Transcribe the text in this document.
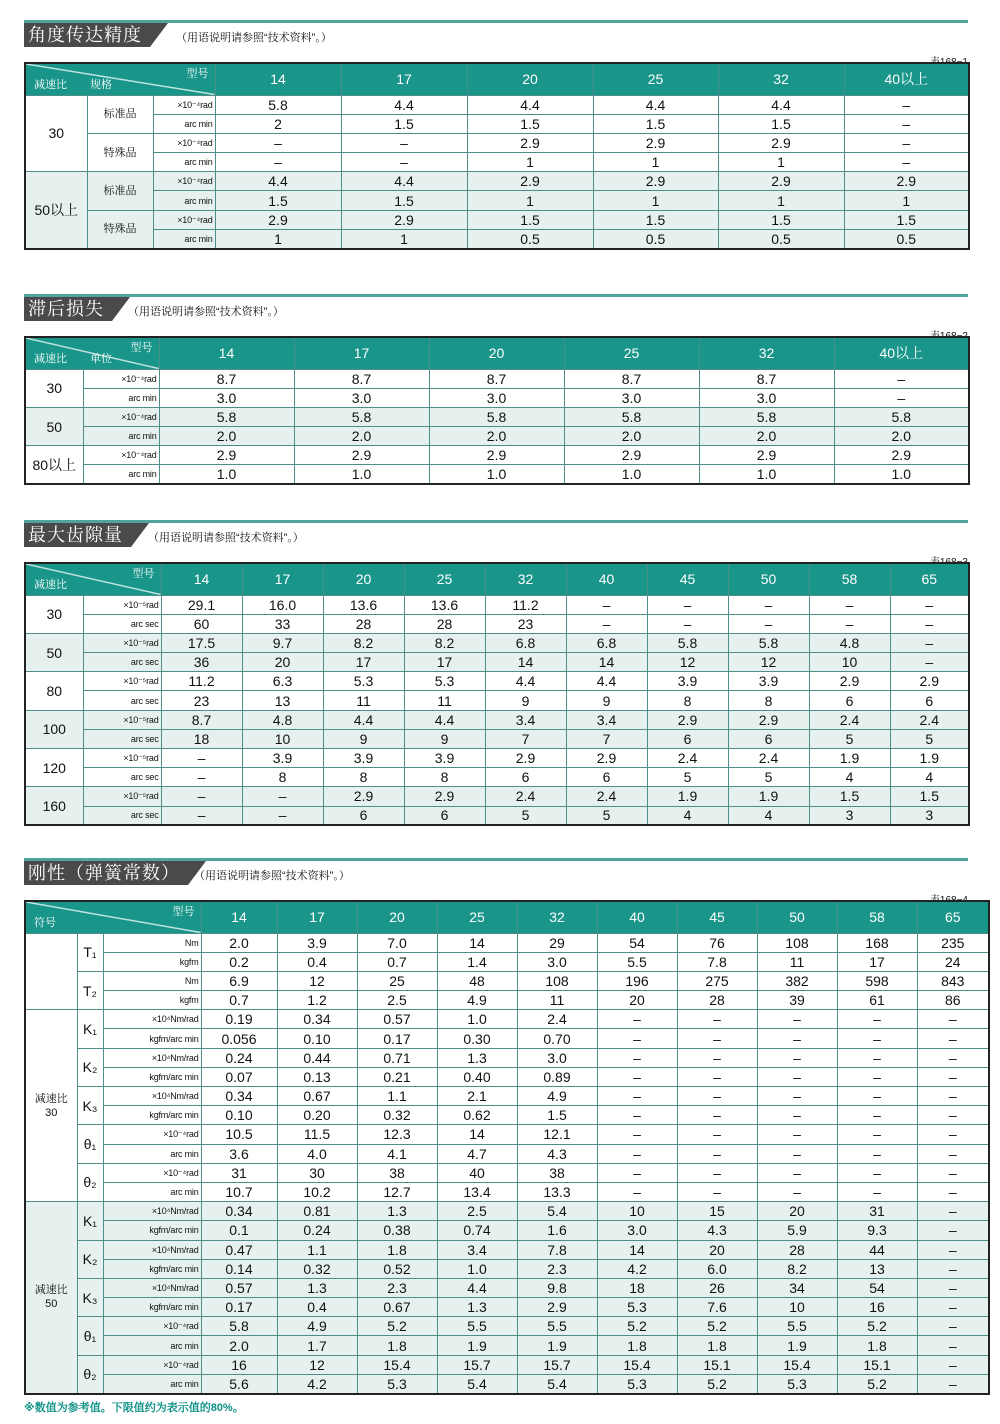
角度传达精度	（用语说明请参照“技术资料”。）
型号
减速比 规格			14	17	20	25	32	40以上
30	标准品	×10⁻⁴rad	5.8	4.4	4.4	4.4	4.4	–
		arc min	2	1.5	1.5	1.5	1.5	–
	特殊品	×10⁻⁴rad	–	–	2.9	2.9	2.9	–
		arc min	–	–	1	1	1	–
50以上	标准品	×10⁻⁴rad	4.4	4.4	2.9	2.9	2.9	2.9
		arc min	1.5	1.5	1	1	1	1
	特殊品	×10⁻⁴rad	2.9	2.9	1.5	1.5	1.5	1.5
		arc min	1	1	0.5	0.5	0.5	0.5
滞后损失	（用语说明请参照“技术资料”。）
型号
减速比 单位		14	17	20	25	32	40以上
30	×10⁻⁴rad	8.7	8.7	8.7	8.7	8.7	–
	arc min	3.0	3.0	3.0	3.0	3.0	–
50	×10⁻⁴rad	5.8	5.8	5.8	5.8	5.8	5.8
	arc min	2.0	2.0	2.0	2.0	2.0	2.0
80以上	×10⁻⁴rad	2.9	2.9	2.9	2.9	2.9	2.9
	arc min	1.0	1.0	1.0	1.0	1.0	1.0
最大齿隙量	（用语说明请参照“技术资料”。）
型号
减速比		14	17	20	25	32	40	45	50	58	65
30	×10⁻⁵rad	29.1	16.0	13.6	13.6	11.2	–	–	–	–	–
	arc sec	60	33	28	28	23	–	–	–	–	–
50	×10⁻⁵rad	17.5	9.7	8.2	8.2	6.8	6.8	5.8	5.8	4.8	–
	arc sec	36	20	17	17	14	14	12	12	10	–
80	×10⁻⁵rad	11.2	6.3	5.3	5.3	4.4	4.4	3.9	3.9	2.9	2.9
	arc sec	23	13	11	11	9	9	8	8	6	6
100	×10⁻⁵rad	8.7	4.8	4.4	4.4	3.4	3.4	2.9	2.9	2.4	2.4
	arc sec	18	10	9	9	7	7	6	6	5	5
120	×10⁻⁵rad	–	3.9	3.9	3.9	2.9	2.9	2.4	2.4	1.9	1.9
	arc sec	–	8	8	8	6	6	5	5	4	4
160	×10⁻⁵rad	–	–	2.9	2.9	2.4	2.4	1.9	1.9	1.5	1.5
	arc sec	–	–	6	6	5	5	4	4	3	3
刚性（弹簧常数）	（用语说明请参照“技术资料”。）
型号
符号			14	17	20	25	32	40	45	50	58	65
	T₁	Nm	2.0	3.9	7.0	14	29	54	76	108	168	235
		kgfm	0.2	0.4	0.7	1.4	3.0	5.5	7.8	11	17	24
	T₂	Nm	6.9	12	25	48	108	196	275	382	598	843
		kgfm	0.7	1.2	2.5	4.9	11	20	28	39	61	86
减速比
30	K₁	×10⁴Nm/rad	0.19	0.34	0.57	1.0	2.4	–	–	–	–	–
		kgfm/arc min	0.056	0.10	0.17	0.30	0.70	–	–	–	–	–
	K₂	×10⁴Nm/rad	0.24	0.44	0.71	1.3	3.0	–	–	–	–	–
		kgfm/arc min	0.07	0.13	0.21	0.40	0.89	–	–	–	–	–
	K₃	×10⁴Nm/rad	0.34	0.67	1.1	2.1	4.9	–	–	–	–	–
		kgfm/arc min	0.10	0.20	0.32	0.62	1.5	–	–	–	–	–
	θ₁	×10⁻⁴rad	10.5	11.5	12.3	14	12.1	–	–	–	–	–
		arc min	3.6	4.0	4.1	4.7	4.3	–	–	–	–	–
	θ₂	×10⁻⁴rad	31	30	38	40	38	–	–	–	–	–
		arc min	10.7	10.2	12.7	13.4	13.3	–	–	–	–	–
减速比
50	K₁	×10⁴Nm/rad	0.34	0.81	1.3	2.5	5.4	10	15	20	31	–
		kgfm/arc min	0.1	0.24	0.38	0.74	1.6	3.0	4.3	5.9	9.3	–
	K₂	×10⁴Nm/rad	0.47	1.1	1.8	3.4	7.8	14	20	28	44	–
		kgfm/arc min	0.14	0.32	0.52	1.0	2.3	4.2	6.0	8.2	13	–
	K₃	×10⁴Nm/rad	0.57	1.3	2.3	4.4	9.8	18	26	34	54	–
		kgfm/arc min	0.17	0.4	0.67	1.3	2.9	5.3	7.6	10	16	–
	θ₁	×10⁻⁴rad	5.8	4.9	5.2	5.5	5.5	5.2	5.2	5.5	5.2	–
		arc min	2.0	1.7	1.8	1.9	1.9	1.8	1.8	1.9	1.8	–
	θ₂	×10⁻⁴rad	16	12	15.4	15.7	15.7	15.4	15.1	15.4	15.1	–
		arc min	5.6	4.2	5.3	5.4	5.4	5.3	5.2	5.3	5.2	–
※数值为参考值。下限值约为表示值的80%。
